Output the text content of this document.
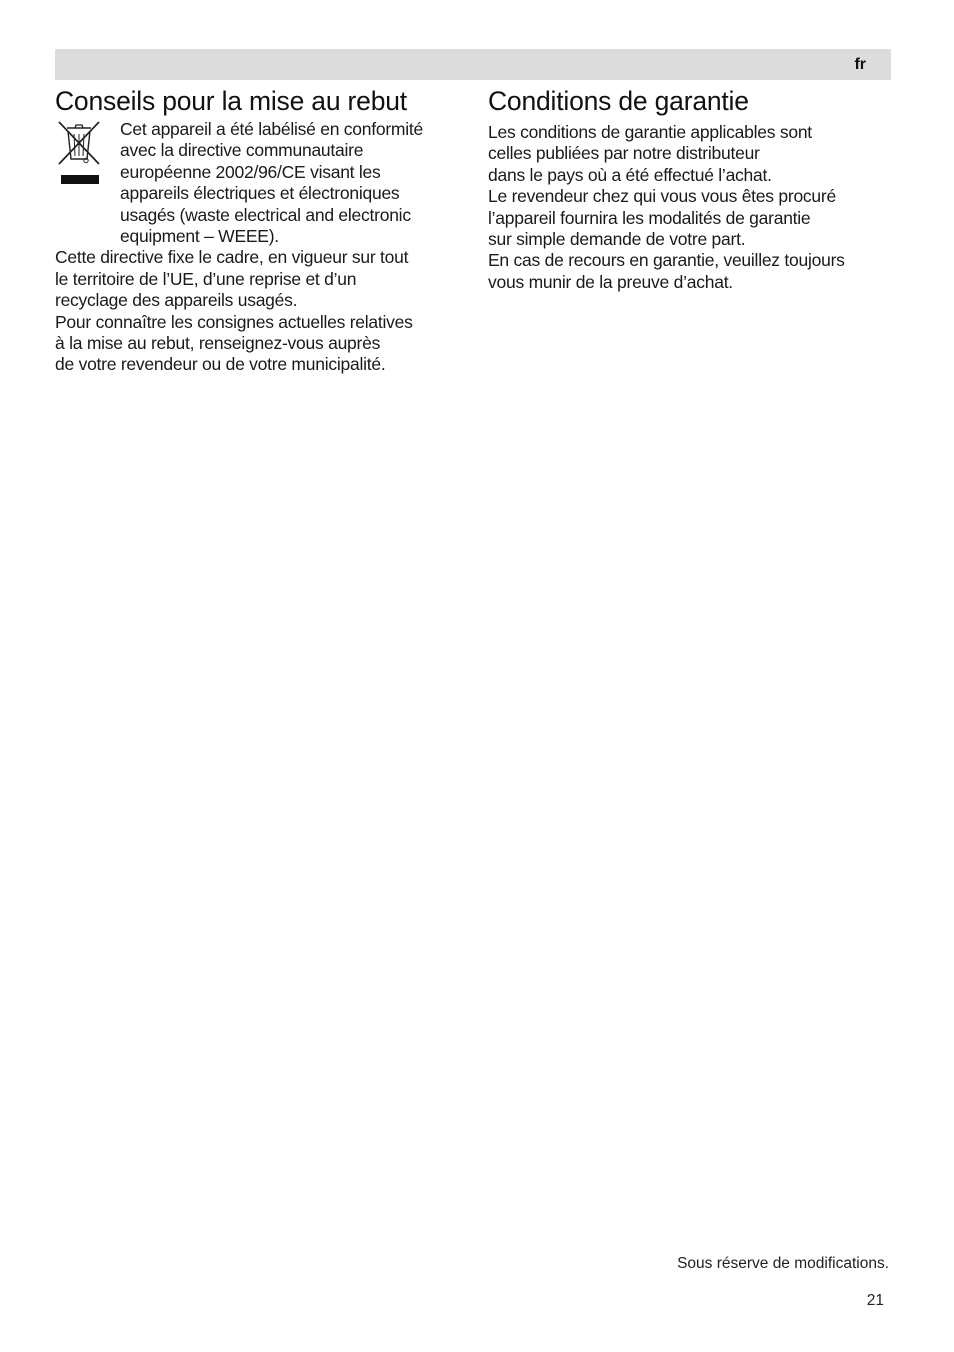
fr
Conseils pour la mise au rebut

Cet appareil a été labélisé en conformité

avec la directive communautaire

européenne 2002/96/CE visant les

appareils électriques et électroniques

usagés (waste electrical and electronic

equipment – WEEE).

Cette directive fixe le cadre, en vigueur sur tout

le territoire de l’UE, d’une reprise et d’un

recyclage des appareils usagés.

Pour connaître les consignes actuelles relatives

à la mise au rebut, renseignez-vous auprès

de votre revendeur ou de votre municipalité.

Conditions de garantie

Les conditions de garantie applicables sont

celles publiées par notre distributeur

dans le pays où a été effectué l’achat.

Le revendeur chez qui vous vous êtes procuré

l’appareil fournira les modalités de garantie

sur simple demande de votre part.

En cas de recours en garantie, veuillez toujours

vous munir de la preuve d’achat.

Sous réserve de modifications.
21
